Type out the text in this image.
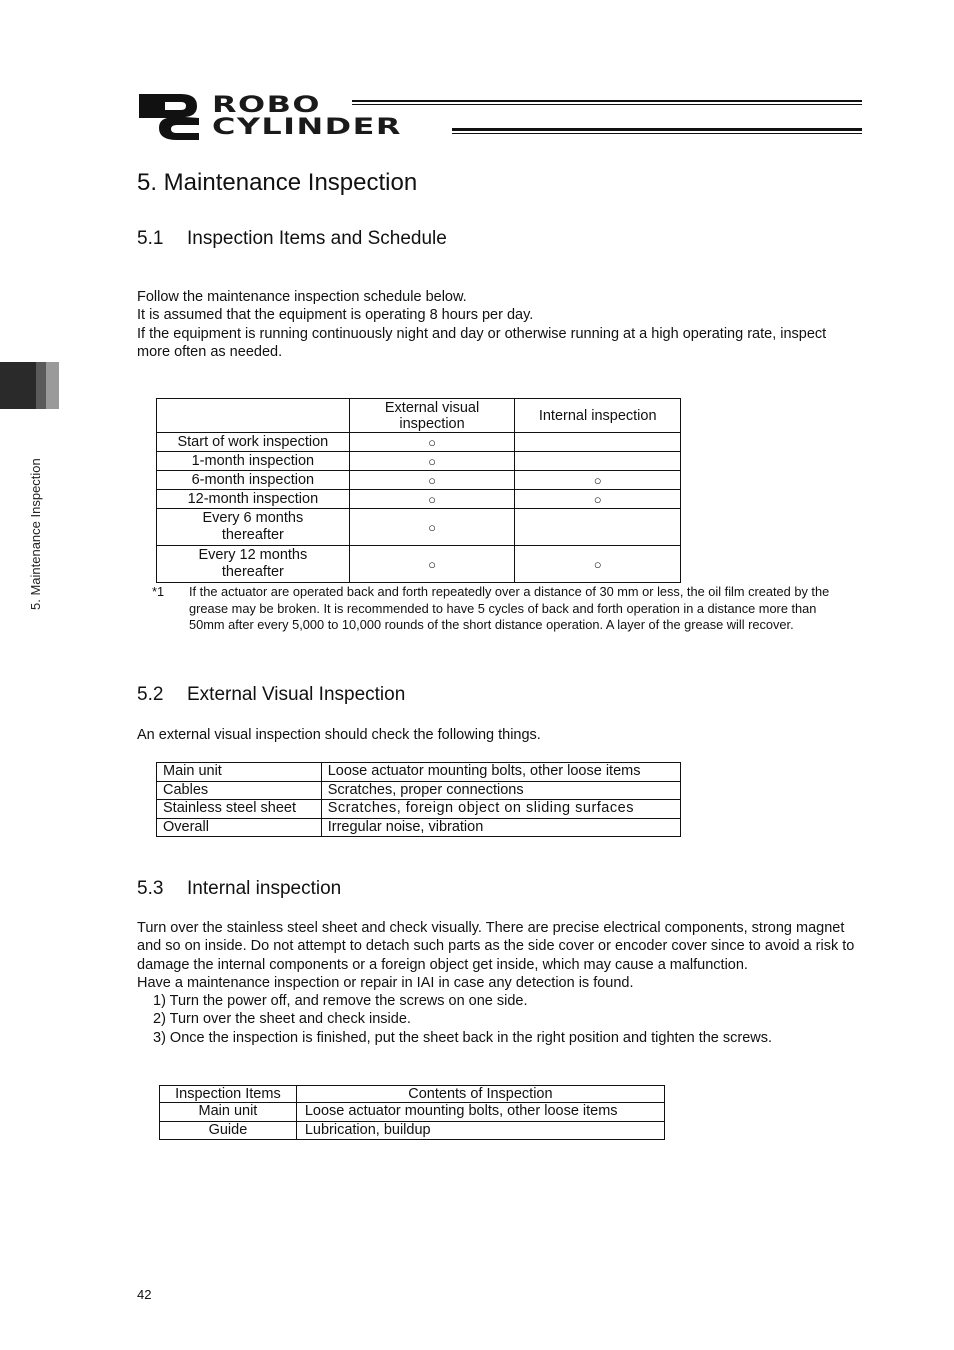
ROBO
CYLINDER
5. Maintenance Inspection
5. Maintenance Inspection
5.1 Inspection Items and Schedule

Follow the maintenance inspection schedule below.

It is assumed that the equipment is operating 8 hours per day.

If the equipment is running continuously night and day or otherwise running at a high operating rate, inspect more often as needed.

	External visual inspection	Internal inspection
Start of work inspection	○	
1-month inspection	○	
6-month inspection	○	○
12-month inspection	○	○
Every 6 months thereafter	○	
Every 12 months thereafter	○	○
*1 If the actuator are operated back and forth repeatedly over a distance of 30 mm or less, the oil film created by the grease may be broken. It is recommended to have 5 cycles of back and forth operation in a distance more than 50mm after every 5,000 to 10,000 rounds of the short distance operation. A layer of the grease will recover.
5.2 External Visual Inspection
An external visual inspection should check the following things.
Main unit	Loose actuator mounting bolts, other loose items
Cables	Scratches, proper connections
Stainless steel sheet	Scratches, foreign object on sliding surfaces
Overall	Irregular noise, vibration
5.3 Internal inspection

Turn over the stainless steel sheet and check visually. There are precise electrical components, strong magnet and so on inside. Do not attempt to detach such parts as the side cover or encoder cover since to avoid a risk to damage the internal components or a foreign object get inside, which may cause a malfunction.

Have a maintenance inspection or repair in IAI in case any detection is found.

1) Turn the power off, and remove the screws on one side.

2) Turn over the sheet and check inside.

3) Once the inspection is finished, put the sheet back in the right position and tighten the screws.

Inspection Items	Contents of Inspection
Main unit	Loose actuator mounting bolts, other loose items
Guide	Lubrication, buildup
42
